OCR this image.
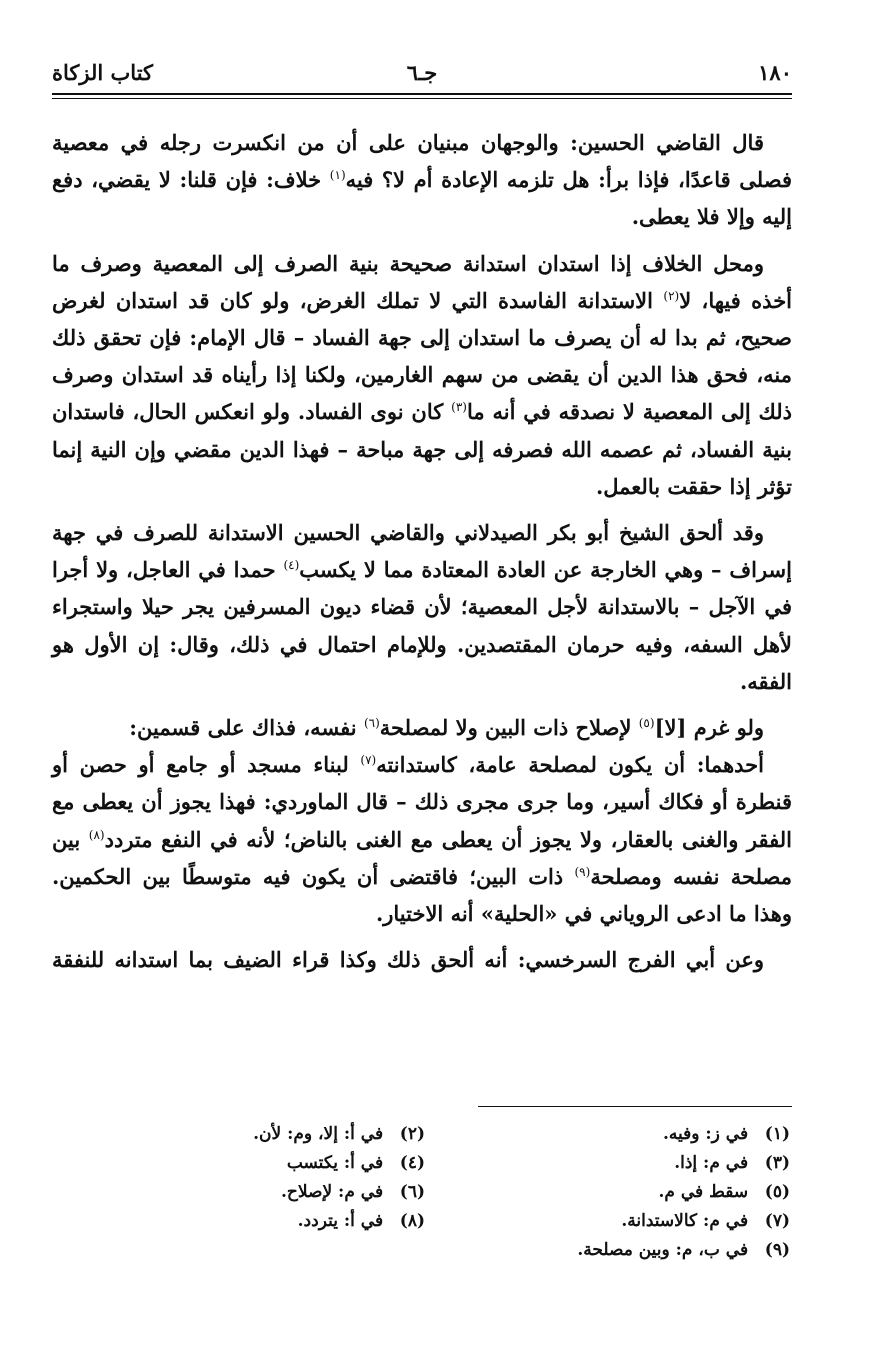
١٨٠
جـ٦
كتاب الزكاة

قال القاضي الحسين: والوجهان مبنيان على أن من انكسرت رجله في معصية فصلى قاعدًا، فإذا برأ: هل تلزمه الإعادة أم لا؟ فيه$^{(١)}$ خلاف: فإن قلنا: لا يقضي، دفع إليه وإلا فلا يعطى.

ومحل الخلاف إذا استدان استدانة صحيحة بنية الصرف إلى المعصية وصرف ما أخذه فيها، لا$^{(٢)}$ الاستدانة الفاسدة التي لا تملك الغرض، ولو كان قد استدان لغرض صحيح، ثم بدا له أن يصرف ما استدان إلى جهة الفساد – قال الإمام: فإن تحقق ذلك منه، فحق هذا الدين أن يقضى من سهم الغارمين، ولكنا إذا رأيناه قد استدان وصرف ذلك إلى المعصية لا نصدقه في أنه ما$^{(٣)}$ كان نوى الفساد. ولو انعكس الحال، فاستدان بنية الفساد، ثم عصمه الله فصرفه إلى جهة مباحة – فهذا الدين مقضي وإن النية إنما تؤثر إذا حققت بالعمل.

وقد ألحق الشيخ أبو بكر الصيدلاني والقاضي الحسين الاستدانة للصرف في جهة إسراف – وهي الخارجة عن العادة المعتادة مما لا يكسب$^{(٤)}$ حمدا في العاجل، ولا أجرا في الآجل – بالاستدانة لأجل المعصية؛ لأن قضاء ديون المسرفين يجر حيلا واستجراء لأهل السفه، وفيه حرمان المقتصدين. وللإمام احتمال في ذلك، وقال: إن الأول هو الفقه.

ولو غرم [لا]$^{(٥)}$ لإصلاح ذات البين ولا لمصلحة$^{(٦)}$ نفسه، فذاك على قسمين:

أحدهما: أن يكون لمصلحة عامة، كاستدانته$^{(٧)}$ لبناء مسجد أو جامع أو حصن أو قنطرة أو فكاك أسير، وما جرى مجرى ذلك – قال الماوردي: فهذا يجوز أن يعطى مع الفقر والغنى بالعقار، ولا يجوز أن يعطى مع الغنى بالناض؛ لأنه في النفع متردد$^{(٨)}$ بين مصلحة نفسه ومصلحة$^{(٩)}$ ذات البين؛ فاقتضى أن يكون فيه متوسطًا بين الحكمين. وهذا ما ادعى الروياني في «الحلية» أنه الاختيار.

وعن أبي الفرج السرخسي: أنه ألحق ذلك وكذا قراء الضيف بما استدانه للنفقة

(١) في ز: وفيه.
(٢) في أ: إلا، وم: لأن.
(٣) في م: إذا.
(٤) في أ: يكتسب
(٥) سقط في م.
(٦) في م: لإصلاح.
(٧) في م: كالاستدانة.
(٨) في أ: يتردد.
(٩) في ب، م: وبين مصلحة.
